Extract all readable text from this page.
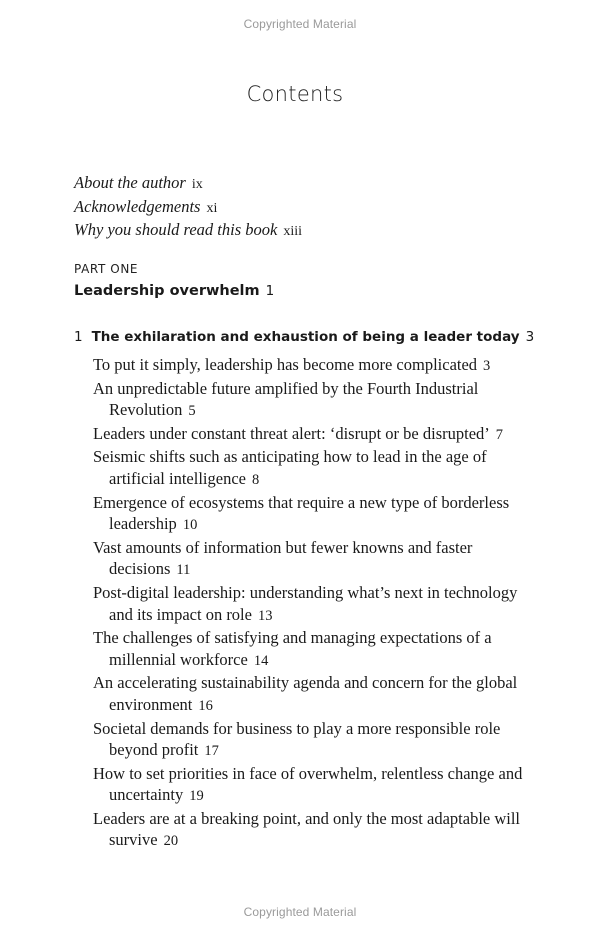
Copyrighted Material
Contents
About the author ix
Acknowledgements xi
Why you should read this book xiii
PART ONE
Leadership overwhelm 1
1 The exhilaration and exhaustion of being a leader today 3
To put it simply, leadership has become more complicated 3
An unpredictable future amplified by the Fourth Industrial Revolution 5
Leaders under constant threat alert: ‘disrupt or be disrupted’ 7
Seismic shifts such as anticipating how to lead in the age of artificial intelligence 8
Emergence of ecosystems that require a new type of borderless leadership 10
Vast amounts of information but fewer knowns and faster decisions 11
Post-digital leadership: understanding what’s next in technology and its impact on role 13
The challenges of satisfying and managing expectations of a millennial workforce 14
An accelerating sustainability agenda and concern for the global environment 16
Societal demands for business to play a more responsible role beyond profit 17
How to set priorities in face of overwhelm, relentless change and uncertainty 19
Leaders are at a breaking point, and only the most adaptable will survive 20
Copyrighted Material
